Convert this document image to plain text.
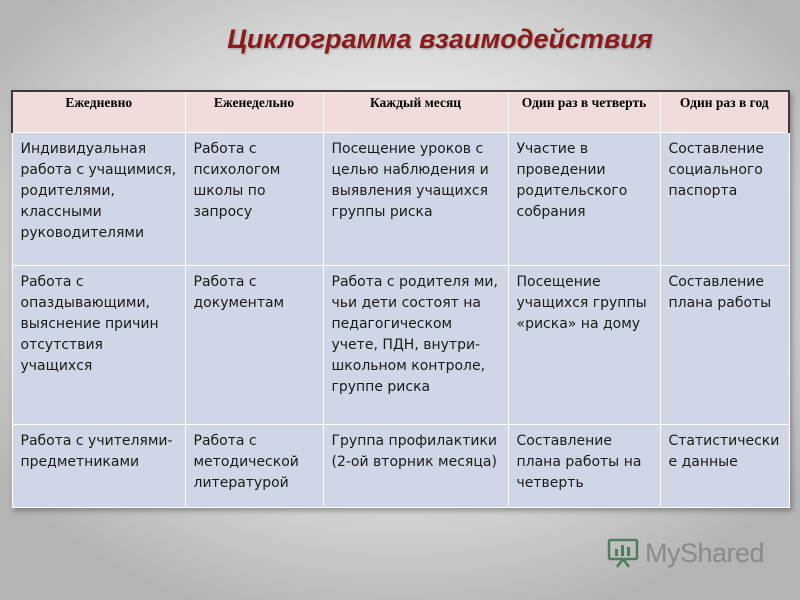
Циклограмма взаимодействия
Ежедневно	Еженедельно	Каждый месяц	Один раз в четверть	Один раз в год
Индивидуальная работа с учащимися, родителями, классными руководителями	Работа с психологом школы по запросу	Посещение уроков с целью наблюдения и выявления учащихся группы риска	Участие в проведении родительского собрания	Составление социального паспорта
Работа с опаздывающими, выяснение причин отсутствия учащихся	Работа с документам	Работа с родителя ми, чьи дети состоят на педагогическом учете, ПДН, внутри-школьном контроле, группе риска	Посещение учащихся группы «риска» на дому	Составление плана работы
Работа с учителями-предметниками	Работа с методической литературой	Группа профилактики (2-ой вторник месяца)	Составление плана работы на четверть	Статистически е данные
MyShared
